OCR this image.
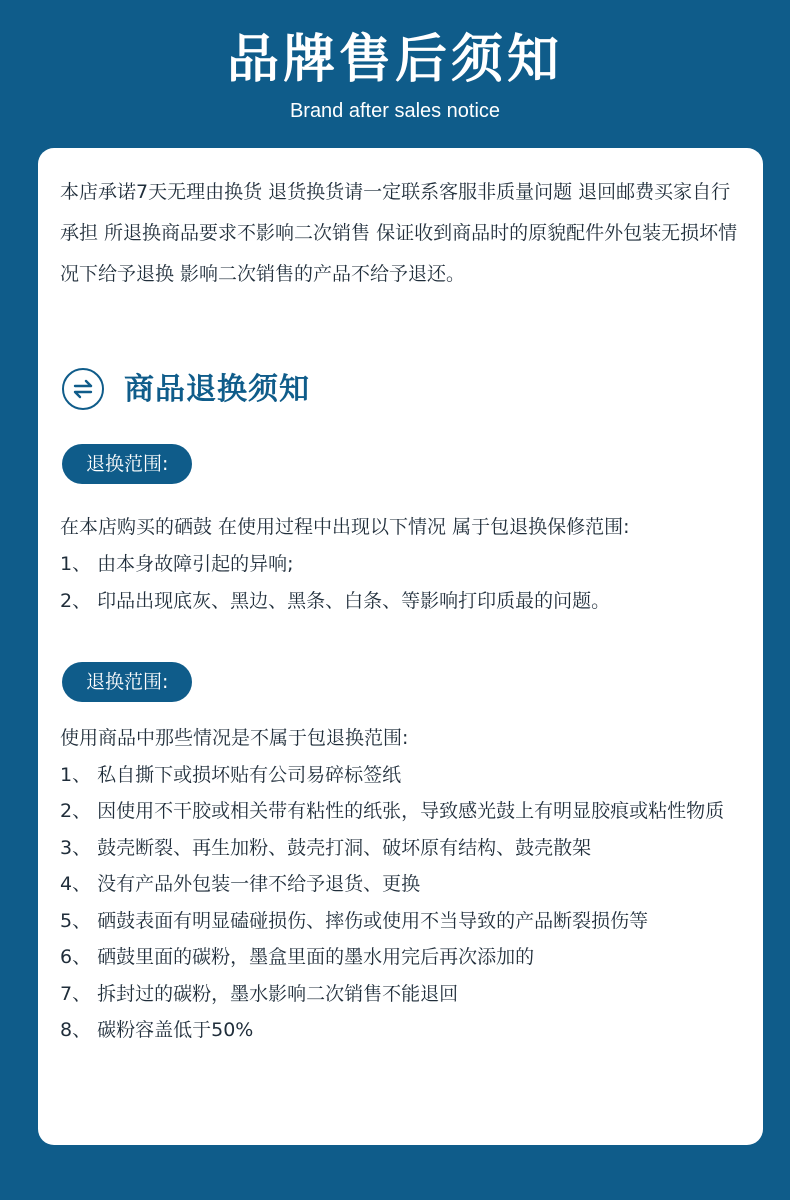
品牌售后须知
Brand after sales notice
本店承诺7天无理由换货 退货换货请一定联系客服非质量问题 退回邮费买家自行承担 所退换商品要求不影响二次销售 保证收到商品时的原貌配件外包装无损坏情况下给予退换 影响二次销售的产品不给予退还。
商品退换须知
退换范围:
在本店购买的硒鼓 在使用过程中出现以下情况 属于包退换保修范围:
1、 由本身故障引起的异响;
2、 印品出现底灰、黑边、黑条、白条、等影响打印质最的问题。
退换范围:
使用商品中那些情况是不属于包退换范围:
1、 私自撕下或损坏贴有公司易碎标签纸
2、 因使用不干胶或相关带有粘性的纸张，导致感光鼓上有明显胶痕或粘性物质
3、 鼓壳断裂、再生加粉、鼓壳打洞、破坏原有结构、鼓壳散架
4、 没有产品外包装一律不给予退货、更换
5、 硒鼓表面有明显磕碰损伤、摔伤或使用不当导致的产品断裂损伤等
6、 硒鼓里面的碳粉，墨盒里面的墨水用完后再次添加的
7、 拆封过的碳粉，墨水影响二次销售不能退回
8、 碳粉容盖低于50%
